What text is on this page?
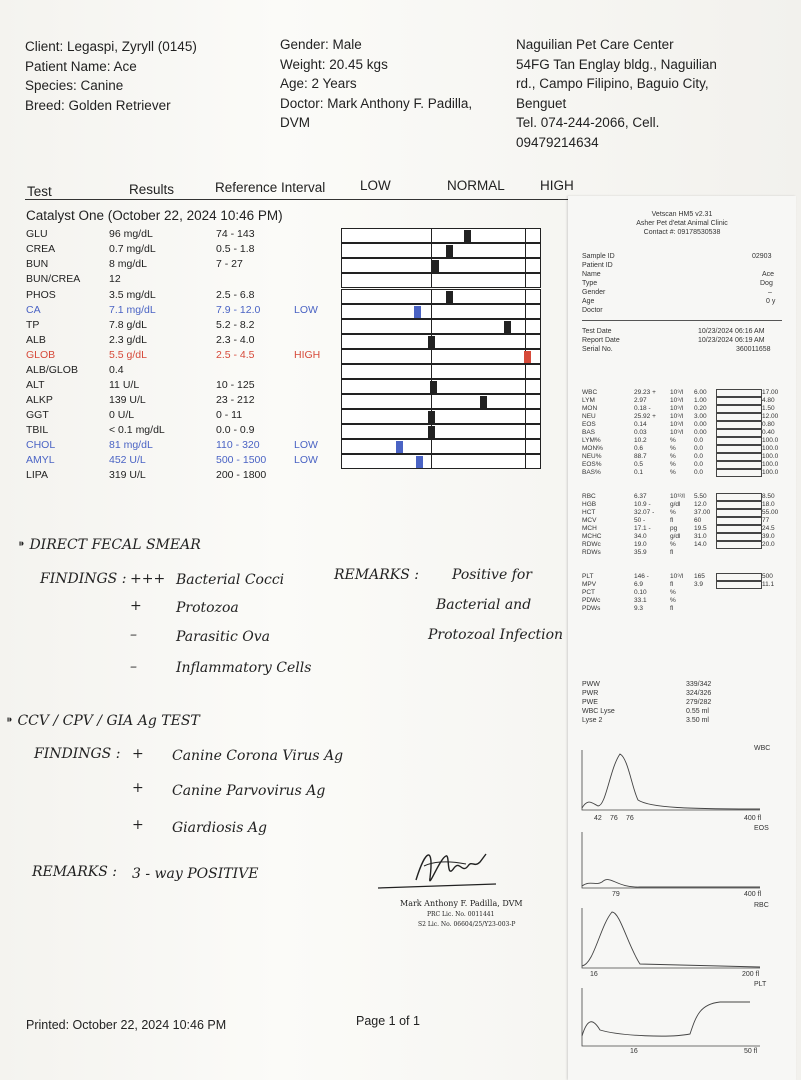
Client: Legaspi, Zyryll (0145)
Patient Name: Ace
Species: Canine
Breed: Golden Retriever
Gender: Male
Weight: 20.45 kgs
Age: 2 Years
Doctor: Mark Anthony F. Padilla,
DVM
Naguilian Pet Care Center
54FG Tan Englay bldg., Naguilian
rd., Campo Filipino, Baguio City,
Benguet
Tel. 074-244-2066, Cell.
09479214634
Test	Results	Reference Interval	LOW	NORMAL	HIGH
Catalyst One (October 22, 2024 10:46 PM)
GLU	96 mg/dL	74 - 143
CREA	0.7 mg/dL	0.5 - 1.8
BUN	8 mg/dL	7 - 27
BUN/CREA	12
PHOS	3.5 mg/dL	2.5 - 6.8
CA	7.1 mg/dL	7.9 - 12.0	LOW
TP	7.8 g/dL	5.2 - 8.2
ALB	2.3 g/dL	2.3 - 4.0
GLOB	5.5 g/dL	2.5 - 4.5	HIGH
ALB/GLOB	0.4
ALT	11 U/L	10 - 125
ALKP	139 U/L	23 - 212
GGT	0 U/L	0 - 11
TBIL	< 0.1 mg/dL	0.0 - 0.9
CHOL	81 mg/dL	110 - 320	LOW
AMYL	452 U/L	500 - 1500	LOW
LIPA	319 U/L	200 - 1800
⁍ DIRECT FECAL SMEAR
FINDINGS : +++ Bacterial Cocci
+ Protozoa
–	Parasitic Ova
–	Inflammatory Cells
REMARKS : Positive for
Bacterial and
Protozoal Infection
⁍ CCV / CPV / GIA Ag TEST
FINDINGS : + Canine Corona Virus Ag
+ Canine Parvovirus Ag
+ Giardiosis Ag
REMARKS : 3 - way POSITIVE
Mark Anthony F. Padilla, DVM
PRC Lic. No. 0011441
S2 Lic. No. 06604/25/Y23-003-P
Printed: October 22, 2024 10:46 PM	Page 1 of 1
Vetscan HM5 v2.31
Asher Pet d'etat Animal Clinic
Contact #: 09178530538
Sample ID	02903
Patient ID
Name	Ace
Type	Dog
Gender	–
Age	0 y
Doctor
Test Date	10/23/2024 06:16 AM
Report Date	10/23/2024 06:19 AM
Serial No.	360011658
WBC	29.23 + 10⁹/l 6.00	17.00
LYM	2.97	10⁹/l 1.00	4.80
MON	0.18 -	10⁹/l 0.20	1.50
NEU	25.92 + 10⁹/l 3.00	12.00
EOS	0.14	10⁹/l 0.00	0.80
BAS	0.03	10⁹/l 0.00	0.40
LYM%	10.2	%	0.0	100.0
MON%	0.6	%	0.0	100.0
NEU%	88.7	%	0.0	100.0
EOS%	0.5	%	0.0	100.0
BAS%	0.1	%	0.0	100.0
RBC	6.37	10¹²/l 5.50	8.50
HGB	10.9 -	g/dl 12.0	18.0
HCT	32.07 - %	37.00	55.00
MCV	50 -	fl	60	77
MCH	17.1 -	pg	19.5	24.5
MCHC	34.0	g/dl 31.0	39.0
RDWc	19.0	%	14.0	20.0
RDWs	35.9	fl
PLT	146 -	10⁹/l 165	500
MPV	6.9	fl	3.9	11.1
PCT	0.10	%
PDWc	33.1	%
PDWs	9.3	fl
PWW	339/342
PWR	324/326
PWE	279/282
WBC Lyse	0.55 ml
Lyse 2	3.50 ml
WBC
42 76 76	400 fl
EOS
79	400 fl
RBC
16	200 fl
PLT
16	50 fl
